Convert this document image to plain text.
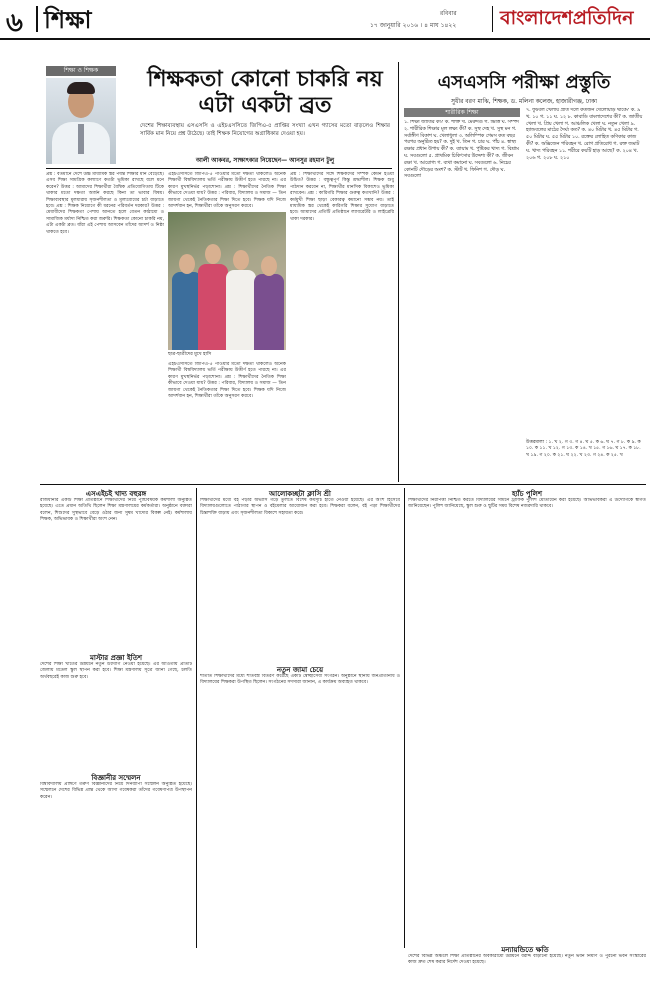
৬ শিক্ষা	রবিবার
১৭ জানুয়ারি ২০১৬ । ৪ মাঘ ১৪২২ বাংলাদেশপ্রতিদিন
শিক্ষা ও শিক্ষক	শিক্ষকতা কোনো চাকরি নয় এটা একটা ব্রত
দেশের শিক্ষাব্যবস্থায় এসএসসি ও এইচএসসিতে জিপিএ-৫ প্রাপ্তির সংখ্যা এখন গ্যাসের মতো বাড়লেও শিক্ষার সার্বিক মান নিয়ে প্রশ্ন উঠেছে। তাই শিক্ষক নিয়োগের অগ্রাধিকার দেওয়া হয়।
আলী আকবর, সাক্ষাৎকার নিয়েছেন— আনসুর রহমান টুলু
প্রশ্ন : বর্তমানে দেশে উচ্চ মাধ্যমিক স্তর পর্যন্ত শিক্ষার মান বেড়েছে। এসব শিক্ষা সামগ্রিক কল্যাণে কতটা ভূমিকা রাখছে বলে মনে করেন? উত্তর : আমাদের শিক্ষার্থীরা বৈশ্বিক প্রতিযোগিতায় টিকে থাকার মতো দক্ষতা অর্জন করছে কিনা তা ভাবার বিষয়। শিক্ষাব্যবস্থার মূলধারায় সৃজনশীলতা ও মূল্যবোধের চর্চা বাড়াতে হবে। প্রশ্ন : শিক্ষক নিয়োগে কী ধরনের পরিবর্তন দরকার? উত্তর : মেধাবীদের শিক্ষকতা পেশায় আনতে হলে বেতন কাঠামো ও সামাজিক মর্যাদা নিশ্চিত করা জরুরি। শিক্ষকতা কোনো চাকরি নয়, এটা একটা ব্রত। যাঁরা এই পেশায় আসবেন তাঁদের আদর্শ ও নিষ্ঠা থাকতে হবে।
এইচএসসিতে জিপিএ-৫ পাওয়ার মতো দক্ষতা থাকলেও অনেক শিক্ষার্থী বিশ্ববিদ্যালয় ভর্তি পরীক্ষায় উত্তীর্ণ হতে পারছে না। এর কারণ মুখস্থনির্ভর পড়াশোনা। প্রশ্ন : শিক্ষার্থীদের নৈতিক শিক্ষা কীভাবে দেওয়া যায়? উত্তর : পরিবার, বিদ্যালয় ও সমাজ — তিন জায়গা থেকেই নৈতিকতার শিক্ষা দিতে হবে। শিক্ষক যদি নিজে আদর্শবান হন, শিক্ষার্থীরা তাঁকে অনুসরণ করবে।
ছাত্র-ছাত্রীদের মুখে হাসি
এইচএসসিতে জিপিএ-৫ পাওয়ার মতো দক্ষতা থাকলেও অনেক শিক্ষার্থী বিশ্ববিদ্যালয় ভর্তি পরীক্ষায় উত্তীর্ণ হতে পারছে না। এর কারণ মুখস্থনির্ভর পড়াশোনা। প্রশ্ন : শিক্ষার্থীদের নৈতিক শিক্ষা কীভাবে দেওয়া যায়? উত্তর : পরিবার, বিদ্যালয় ও সমাজ — তিন জায়গা থেকেই নৈতিকতার শিক্ষা দিতে হবে। শিক্ষক যদি নিজে আদর্শবান হন, শিক্ষার্থীরা তাঁকে অনুসরণ করবে।
প্রশ্ন : শিক্ষার্থীদের সঙ্গে শিক্ষকদের সম্পর্ক কেমন হওয়া উচিত? উত্তর : বন্ধুত্বপূর্ণ কিন্তু শ্রদ্ধাশীল। শিক্ষক শুধু পাঠদান করবেন না, শিক্ষার্থীর মানসিক বিকাশেও ভূমিকা রাখবেন। প্রশ্ন : কারিগরি শিক্ষার গুরুত্ব কতখানি? উত্তর : কর্মমুখী শিক্ষা ছাড়া বেকারত্ব কমানো সম্ভব নয়। তাই মাধ্যমিক স্তর থেকেই কারিগরি শিক্ষার সুযোগ বাড়াতে হবে। আমাদের প্রতিটি প্রতিষ্ঠানে ল্যাবরেটরি ও লাইব্রেরি থাকা দরকার।
এসএসসি পরীক্ষা প্রস্তুতি
সুধীর বরণ মাঝি, শিক্ষক, ড. মলিনা কলেজ, হাজারীগঞ্জ, ঢাকা
শারীরিক শিক্ষা
১. শিক্ষা জাতির কী? ক. শক্তি খ. মেরুদণ্ড গ. ভিত্তি ঘ. সম্পদ ২. শারীরিক শিক্ষার মূল লক্ষ্য কী? ক. সুস্থ দেহ খ. সুস্থ মন গ. সর্বাঙ্গীণ বিকাশ ঘ. খেলাধুলা ৩. অলিম্পিক গেমস কত বছর পরপর অনুষ্ঠিত হয়? ক. দুই খ. তিন গ. চার ঘ. পাঁচ ৪. স্বাস্থ্য রক্ষার প্রধান উপায় কী? ক. ব্যায়াম খ. পুষ্টিকর খাদ্য গ. বিশ্রাম ঘ. সবগুলো ৫. প্রাথমিক চিকিৎসার উদ্দেশ্য কী? ক. জীবন রক্ষা খ. আরোগ্য গ. ব্যথা কমানো ঘ. সবগুলো ৬. নিচের কোনটি দৌড়ের অংশ? ক. স্টার্ট খ. ফিনিশ গ. দৌড় ঘ. সবগুলো
৭. ফুটবল খেলায় প্রতি দলে কতজন খেলোয়াড় থাকে? ক. ৯ খ. ১০ গ. ১১ ঘ. ১২ ৮. কাবাডি বাংলাদেশের কী? ক. জাতীয় খেলা খ. প্রিয় খেলা গ. আঞ্চলিক খেলা ঘ. নতুন খেলা ৯. হ্যান্ডবলের মাঠের দৈর্ঘ্য কত? ক. ৪০ মিটার খ. ৪৫ মিটার গ. ৫০ মিটার ঘ. ৫৫ মিটার ১০. রক্তের লোহিত কণিকার কাজ কী? ক. অক্সিজেন পরিবহন খ. রোগ প্রতিরোধ গ. রক্ত জমাট ঘ. খাদ্য পরিবহন ১১. শরীরে কয়টি হাড় আছে? ক. ২০৪ খ. ২০৬ গ. ২০৮ ঘ. ২১০
উত্তরমালা : ১. খ ২. গ ৩. গ ৪. ঘ ৫. ক ৬. ঘ ৭. গ ৮. ক ৯. ক ১০. ক ১১. খ ১২. গ ১৩. ক ১৪. খ ১৫. গ ১৬. ঘ ১৭. ক ১৮. খ ১৯. গ ২০. ক ২১. ঘ ২২. খ ২৩. গ ২৪. ক ২৫. খ
এসএইচই খাদ্য বহুরঙ্গ
রাজধানীর একটি শিক্ষা প্রতিষ্ঠানে শিক্ষার্থীদের নিয়ে পুষ্টিবিষয়ক কর্মশালা অনুষ্ঠিত হয়েছে। এতে প্রধান অতিথি ছিলেন শিক্ষা মন্ত্রণালয়ের কর্মকর্তারা। অনুষ্ঠানে বক্তারা বলেন, শিশুদের সুস্থভাবে বেড়ে ওঠার জন্য সুষম খাদ্যের বিকল্প নেই। কর্মশালায় শিক্ষক, অভিভাবক ও শিক্ষার্থীরা অংশ নেন।
মাস্টার প্রজ্ঞা ইতিশ
দেশের শিক্ষা খাতের উন্নয়নে নতুন উদ্যোগ নেওয়া হয়েছে। এর আওতায় প্রতিটি জেলায় মডেল স্কুল স্থাপন করা হবে। শিক্ষা মন্ত্রণালয় সূত্রে জানা গেছে, চলতি অর্থবছরেই কাজ শুরু হবে।
বিজ্ঞানীর সম্মেলন
বিশ্ববিদ্যালয় প্রাঙ্গণে তরুণ বিজ্ঞানীদের নিয়ে দিনব্যাপী সম্মেলন অনুষ্ঠিত হয়েছে। সম্মেলনে দেশের বিভিন্ন প্রান্ত থেকে আসা গবেষকরা তাঁদের গবেষণাপত্র উপস্থাপন করেন।
আলোকচ্ছটা ক্লাসি শ্রী
শিক্ষার্থীদের মধ্যে বই পড়ার অভ্যাস গড়ে তুলতে বিশেষ কর্মসূচি হাতে নেওয়া হয়েছে। এর অংশ হিসেবে বিদ্যালয়গুলোতে পাঠাগার স্থাপন ও বইমেলার আয়োজন করা হবে। শিক্ষকরা বলেন, বই পড়া শিক্ষার্থীদের চিন্তাশক্তি বাড়ায় এবং সৃজনশীলতা বিকাশে সহায়তা করে।
নতুন জামা চেয়ে
শীতার্ত শিক্ষার্থীদের মধ্যে শীতবস্ত্র বিতরণ করেছে একটি স্বেচ্ছাসেবী সংগঠন। অনুষ্ঠানে স্থানীয় জনপ্রতিনিধি ও বিদ্যালয়ের শিক্ষকরা উপস্থিত ছিলেন। সংগঠনের সদস্যরা জানান, এ কার্যক্রম অব্যাহত থাকবে।
হ্যাঁচ পুলিশ
শিক্ষার্থীদের নিরাপত্তা নিশ্চিত করতে বিদ্যালয়ের সামনে ট্রাফিক পুলিশ মোতায়েন করা হয়েছে। অভিভাবকরা এ উদ্যোগকে স্বাগত জানিয়েছেন। পুলিশ জানিয়েছে, স্কুল শুরু ও ছুটির সময় বিশেষ নজরদারি থাকবে।
মন্যায়ন্ডিতে ক্ষতি
দেশের বিভিন্ন অঞ্চলে শিক্ষা প্রতিষ্ঠানের অবকাঠামো উন্নয়নে বরাদ্দ বাড়ানো হয়েছে। নতুন ভবন নির্মাণ ও পুরনো ভবন সংস্কারের কাজ দ্রুত শেষ করার নির্দেশ দেওয়া হয়েছে।
